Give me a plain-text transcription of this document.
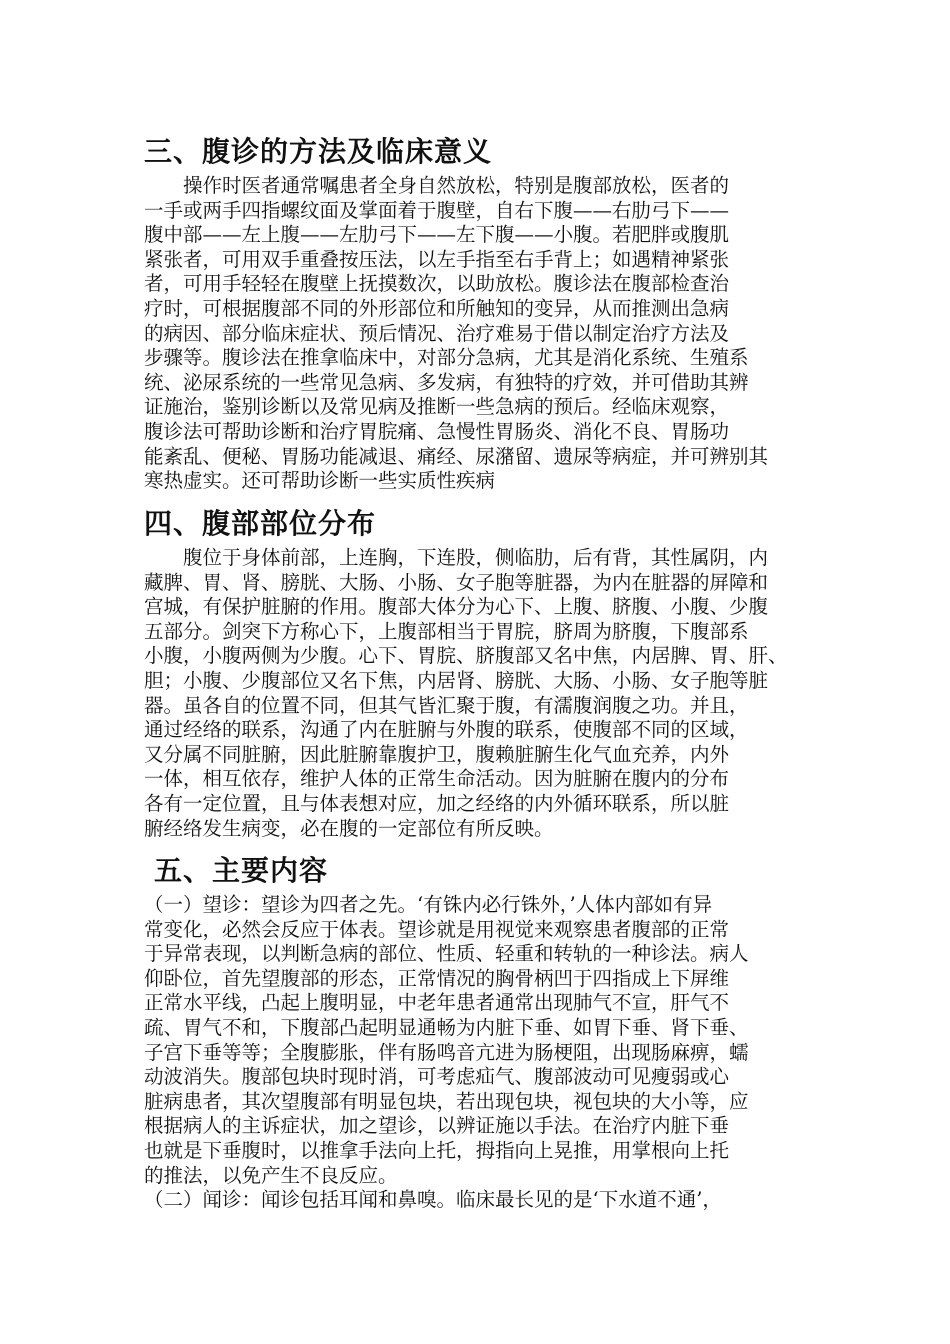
三、腹诊的方法及临床意义
　　操作时医者通常嘱患者全身自然放松，特别是腹部放松，医者的
一手或两手四指螺纹面及掌面着于腹壁，自右下腹——右肋弓下——
腹中部——左上腹——左肋弓下——左下腹——小腹。若肥胖或腹肌
紧张者，可用双手重叠按压法，以左手指至右手背上；如遇精神紧张
者，可用手轻轻在腹壁上抚摸数次，以助放松。腹诊法在腹部检查治
疗时，可根据腹部不同的外形部位和所触知的变异，从而推测出急病
的病因、部分临床症状、预后情况、治疗难易于借以制定治疗方法及
步骤等。腹诊法在推拿临床中，对部分急病，尤其是消化系统、生殖系
统、泌尿系统的一些常见急病、多发病，有独特的疗效，并可借助其辨
证施治，鉴别诊断以及常见病及推断一些急病的预后。经临床观察，
腹诊法可帮助诊断和治疗胃脘痛、急慢性胃肠炎、消化不良、胃肠功
能紊乱、便秘、胃肠功能减退、痛经、尿潴留、遗尿等病症，并可辨别其
寒热虚实。还可帮助诊断一些实质性疾病
四、腹部部位分布
　　腹位于身体前部，上连胸，下连股，侧临肋，后有背，其性属阴，内
藏脾、胃、肾、膀胱、大肠、小肠、女子胞等脏器，为内在脏器的屏障和
宫城，有保护脏腑的作用。腹部大体分为心下、上腹、脐腹、小腹、少腹
五部分。剑突下方称心下，上腹部相当于胃脘，脐周为脐腹，下腹部系
小腹，小腹两侧为少腹。心下、胃脘、脐腹部又名中焦，内居脾、胃、肝、
胆；小腹、少腹部位又名下焦，内居肾、膀胱、大肠、小肠、女子胞等脏
器。虽各自的位置不同，但其气皆汇聚于腹，有濡腹润腹之功。并且，
通过经络的联系，沟通了内在脏腑与外腹的联系，使腹部不同的区域，
又分属不同脏腑，因此脏腑靠腹护卫，腹赖脏腑生化气血充养，内外
一体，相互依存，维护人体的正常生命活动。因为脏腑在腹内的分布
各有一定位置，且与体表想对应，加之经络的内外循环联系，所以脏
腑经络发生病变，必在腹的一定部位有所反映。
五、主要内容
（一）望诊：望诊为四者之先。‘有铢内必行铢外，’人体内部如有异
常变化，必然会反应于体表。望诊就是用视觉来观察患者腹部的正常
于异常表现，以判断急病的部位、性质、轻重和转轨的一种诊法。病人
仰卧位，首先望腹部的形态，正常情况的胸骨柄凹于四指成上下屏维
正常水平线，凸起上腹明显，中老年患者通常出现肺气不宣，肝气不
疏、胃气不和，下腹部凸起明显通畅为内脏下垂、如胃下垂、肾下垂、
子宫下垂等等；全腹膨胀，伴有肠鸣音亢进为肠梗阻，出现肠麻痹，蠕
动波消失。腹部包块时现时消，可考虑疝气、腹部波动可见瘦弱或心
脏病患者，其次望腹部有明显包块，若出现包块，视包块的大小等，应
根据病人的主诉症状，加之望诊，以辨证施以手法。在治疗内脏下垂
也就是下垂腹时，以推拿手法向上托，拇指向上晃推，用掌根向上托
的推法，以免产生不良反应。
（二）闻诊：闻诊包括耳闻和鼻嗅。临床最长见的是‘下水道不通’，
